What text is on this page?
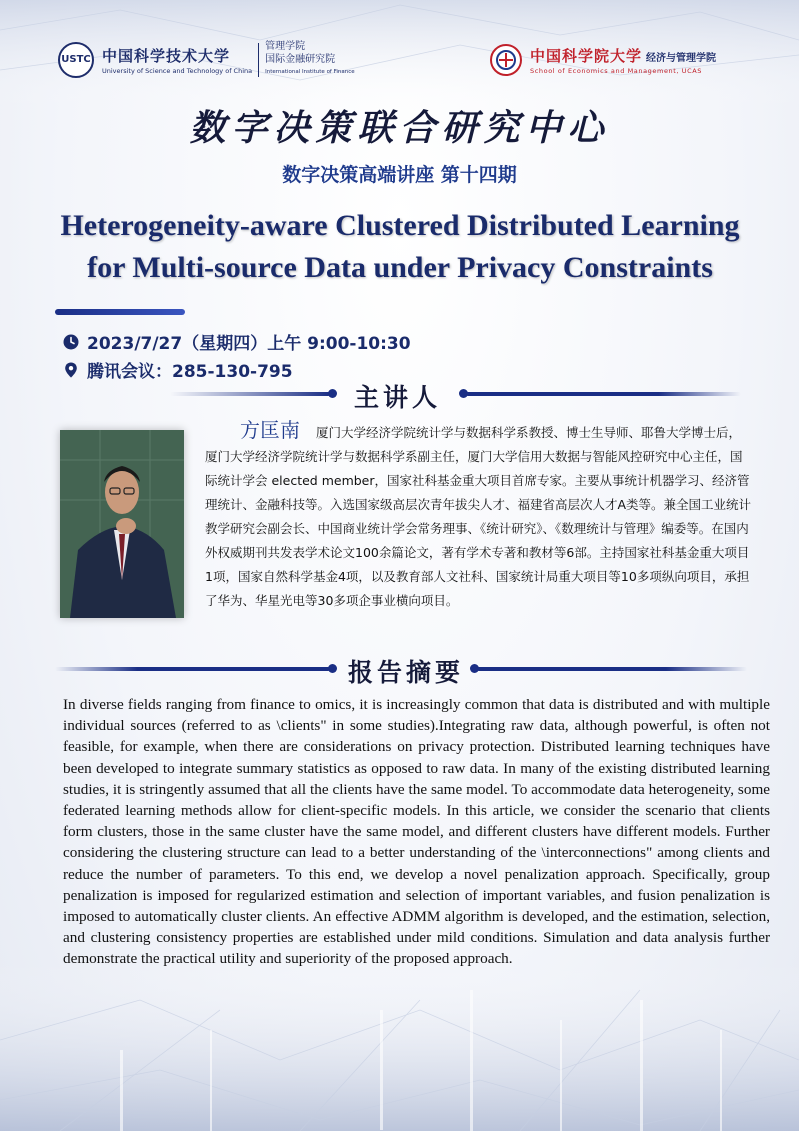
USTC 中国科学技术大学
University of Science and Technology of China
管理学院
国际金融研究院
International Institute of Finance
中国科学院大学 经济与管理学院
School of Economics and Management, UCAS
数字决策联合研究中心
数字决策高端讲座 第十四期
Heterogeneity-aware Clustered Distributed Learning
for Multi-source Data under Privacy Constraints
2023/7/27（星期四）上午 9:00-10:30
腾讯会议：285-130-795
主讲人
方匡南 厦门大学经济学院统计学与数据科学系教授、博士生导师、耶鲁大学博士后，厦门大学经济学院统计学与数据科学系副主任，厦门大学信用大数据与智能风控研究中心主任，国际统计学会 elected member，国家社科基金重大项目首席专家。主要从事统计机器学习、经济管理统计、金融科技等。入选国家级高层次青年拔尖人才、福建省高层次人才A类等。兼全国工业统计教学研究会副会长、中国商业统计学会常务理事、《统计研究》、《数理统计与管理》编委等。在国内外权威期刊共发表学术论文100余篇论文，著有学术专著和教材等6部。主持国家社科基金重大项目1项，国家自然科学基金4项，以及教育部人文社科、国家统计局重大项目等10多项纵向项目，承担了华为、华星光电等30多项企事业横向项目。
报告摘要
In diverse fields ranging from finance to omics, it is increasingly common that data is distributed and with multiple individual sources (referred to as \clients" in some studies).Integrating raw data, although powerful, is often not feasible, for example, when there are considerations on privacy protection. Distributed learning techniques have been developed to integrate summary statistics as opposed to raw data. In many of the existing distributed learning studies, it is stringently assumed that all the clients have the same model. To accommodate data heterogeneity, some federated learning methods allow for client-specific models. In this article, we consider the scenario that clients form clusters, those in the same cluster have the same model, and different clusters have different models. Further considering the clustering structure can lead to a better understanding of the \interconnections" among clients and reduce the number of parameters. To this end, we develop a novel penalization approach. Specifically, group penalization is imposed for regularized estimation and selection of important variables, and fusion penalization is imposed to automatically cluster clients. An effective ADMM algorithm is developed, and the estimation, selection, and clustering consistency properties are established under mild conditions. Simulation and data analysis further demonstrate the practical utility and superiority of the proposed approach.
